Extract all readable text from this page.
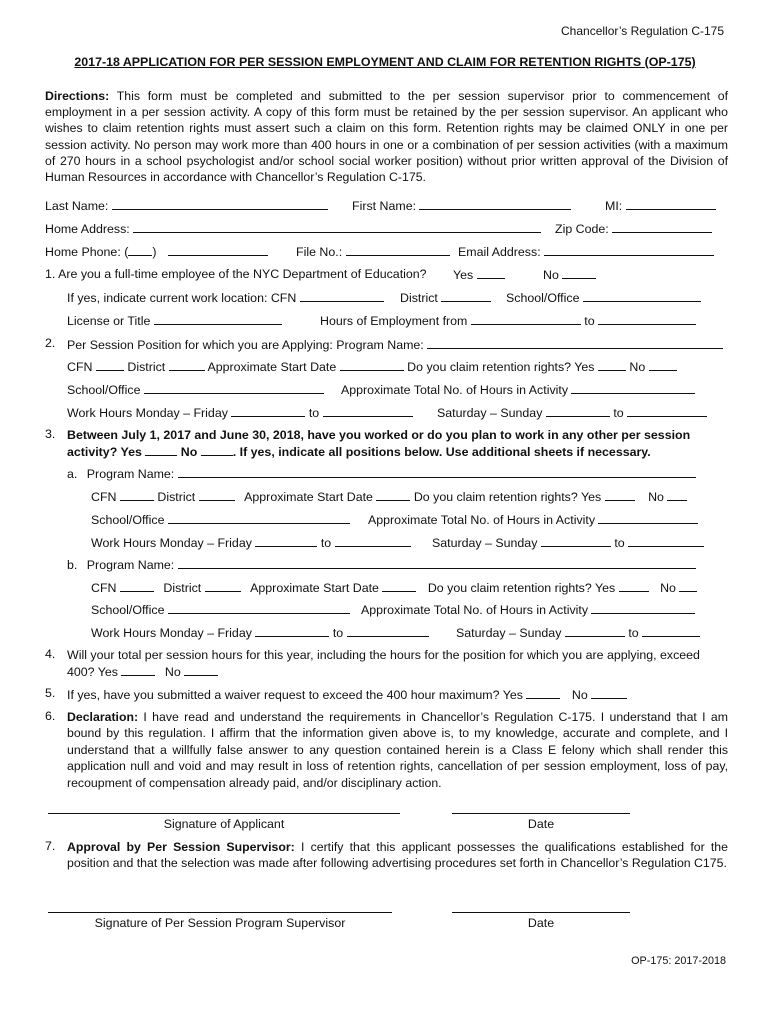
Chancellor’s Regulation C-175
2017-18 APPLICATION FOR PER SESSION EMPLOYMENT AND CLAIM FOR RETENTION RIGHTS (OP-175)
Directions: This form must be completed and submitted to the per session supervisor prior to commencement of employment in a per session activity. A copy of this form must be retained by the per session supervisor. An applicant who wishes to claim retention rights must assert such a claim on this form. Retention rights may be claimed ONLY in one per session activity. No person may work more than 400 hours in one or a combination of per session activities (with a maximum of 270 hours in a school psychologist and/or school social worker position) without prior written approval of the Division of Human Resources in accordance with Chancellor’s Regulation C-175.
Last Name:	First Name:	MI:
Home Address:	Zip Code:
Home Phone: ( )	File No.:	Email Address:
1. Are you a full-time employee of the NYC Department of Education? Yes	No
If yes, indicate current work location: CFN	District	School/Office
License or Title	Hours of Employment from	to
2. Per Session Position for which you are Applying: Program Name:
CFN	District	Approximate Start Date	Do you claim retention rights? Yes	No
School/Office	Approximate Total No. of Hours in Activity
Work Hours Monday – Friday	to	Saturday – Sunday	to
3. Between July 1, 2017 and June 30, 2018, have you worked or do you plan to work in any other per session
activity? Yes	No	. If yes, indicate all positions below. Use additional sheets if necessary.
a. Program Name:
CFN	District	Approximate Start Date	Do you claim retention rights? Yes	No
School/Office	Approximate Total No. of Hours in Activity
Work Hours Monday – Friday	to	Saturday – Sunday	to
b. Program Name:
CFN	District	Approximate Start Date	Do you claim retention rights? Yes	No
School/Office	Approximate Total No. of Hours in Activity
Work Hours Monday – Friday	to	Saturday – Sunday	to
4. Will your total per session hours for this year, including the hours for the position for which you are applying, exceed
400? Yes	No
5. If yes, have you submitted a waiver request to exceed the 400 hour maximum? Yes	No
6. Declaration: I have read and understand the requirements in Chancellor’s Regulation C-175. I understand that I am bound by this regulation. I affirm that the information given above is, to my knowledge, accurate and complete, and I understand that a willfully false answer to any question contained herein is a Class E felony which shall render this application null and void and may result in loss of retention rights, cancellation of per session employment, loss of pay, recoupment of compensation already paid, and/or disciplinary action.
Signature of Applicant	Date
7. Approval by Per Session Supervisor: I certify that this applicant possesses the qualifications established for the position and that the selection was made after following advertising procedures set forth in Chancellor’s Regulation C175.
Signature of Per Session Program Supervisor	Date
OP-175: 2017-2018
